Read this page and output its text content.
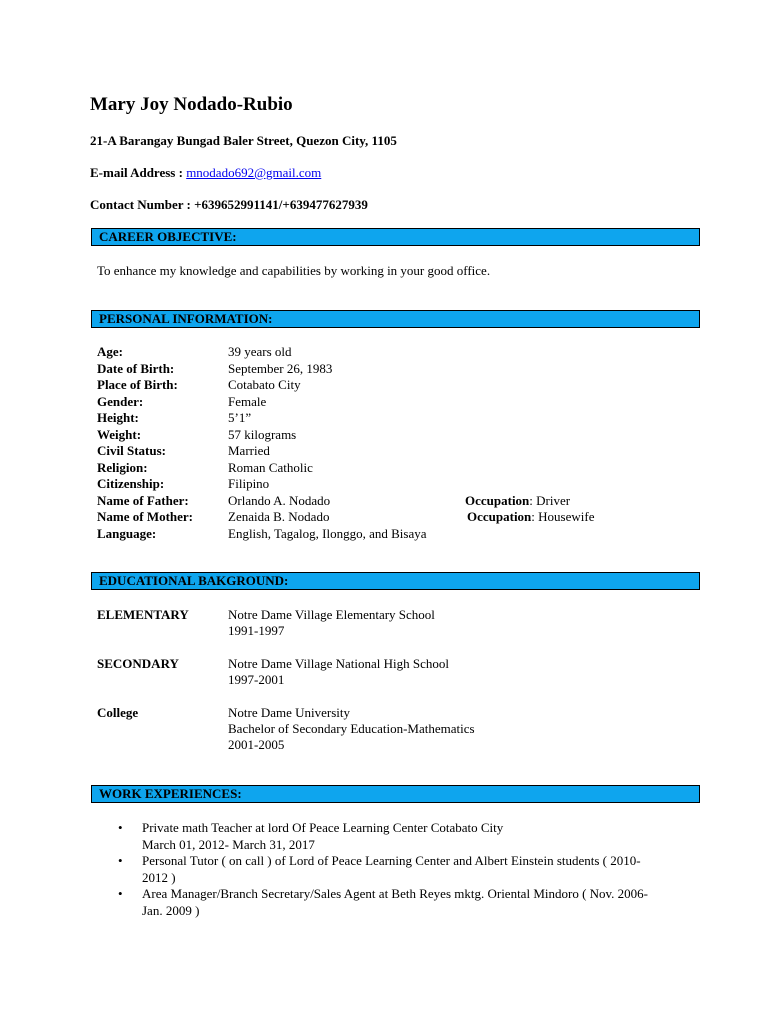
Mary Joy Nodado-Rubio
21-A Barangay Bungad Baler Street, Quezon City, 1105
E-mail Address : mnodado692@gmail.com
Contact Number : +639652991141/+639477627939
CAREER OBJECTIVE:
To enhance my knowledge and capabilities by working in your good office.
PERSONAL INFORMATION:
Age:	39 years old
Date of Birth:	September 26, 1983
Place of Birth:	Cotabato City
Gender:	Female
Height:	5’1”
Weight:	57 kilograms
Civil Status:	Married
Religion:	Roman Catholic
Citizenship:	Filipino
Name of Father:	Orlando A. Nodado	Occupation: Driver
Name of Mother:	Zenaida B. Nodado	Occupation: Housewife
Language:	English, Tagalog, Ilonggo, and Bisaya
EDUCATIONAL BAKGROUND:
ELEMENTARY	Notre Dame Village Elementary School
1991-1997
SECONDARY	Notre Dame Village National High School
1997-2001
College	Notre Dame University
Bachelor of Secondary Education-Mathematics
2001-2005
WORK EXPERIENCES:
• Private math Teacher at lord Of Peace Learning Center Cotabato City
March 01, 2012- March 31, 2017
• Personal Tutor ( on call ) of Lord of Peace Learning Center and Albert Einstein students ( 2010-
2012 )
• Area Manager/Branch Secretary/Sales Agent at Beth Reyes mktg. Oriental Mindoro ( Nov. 2006-
Jan. 2009 )
